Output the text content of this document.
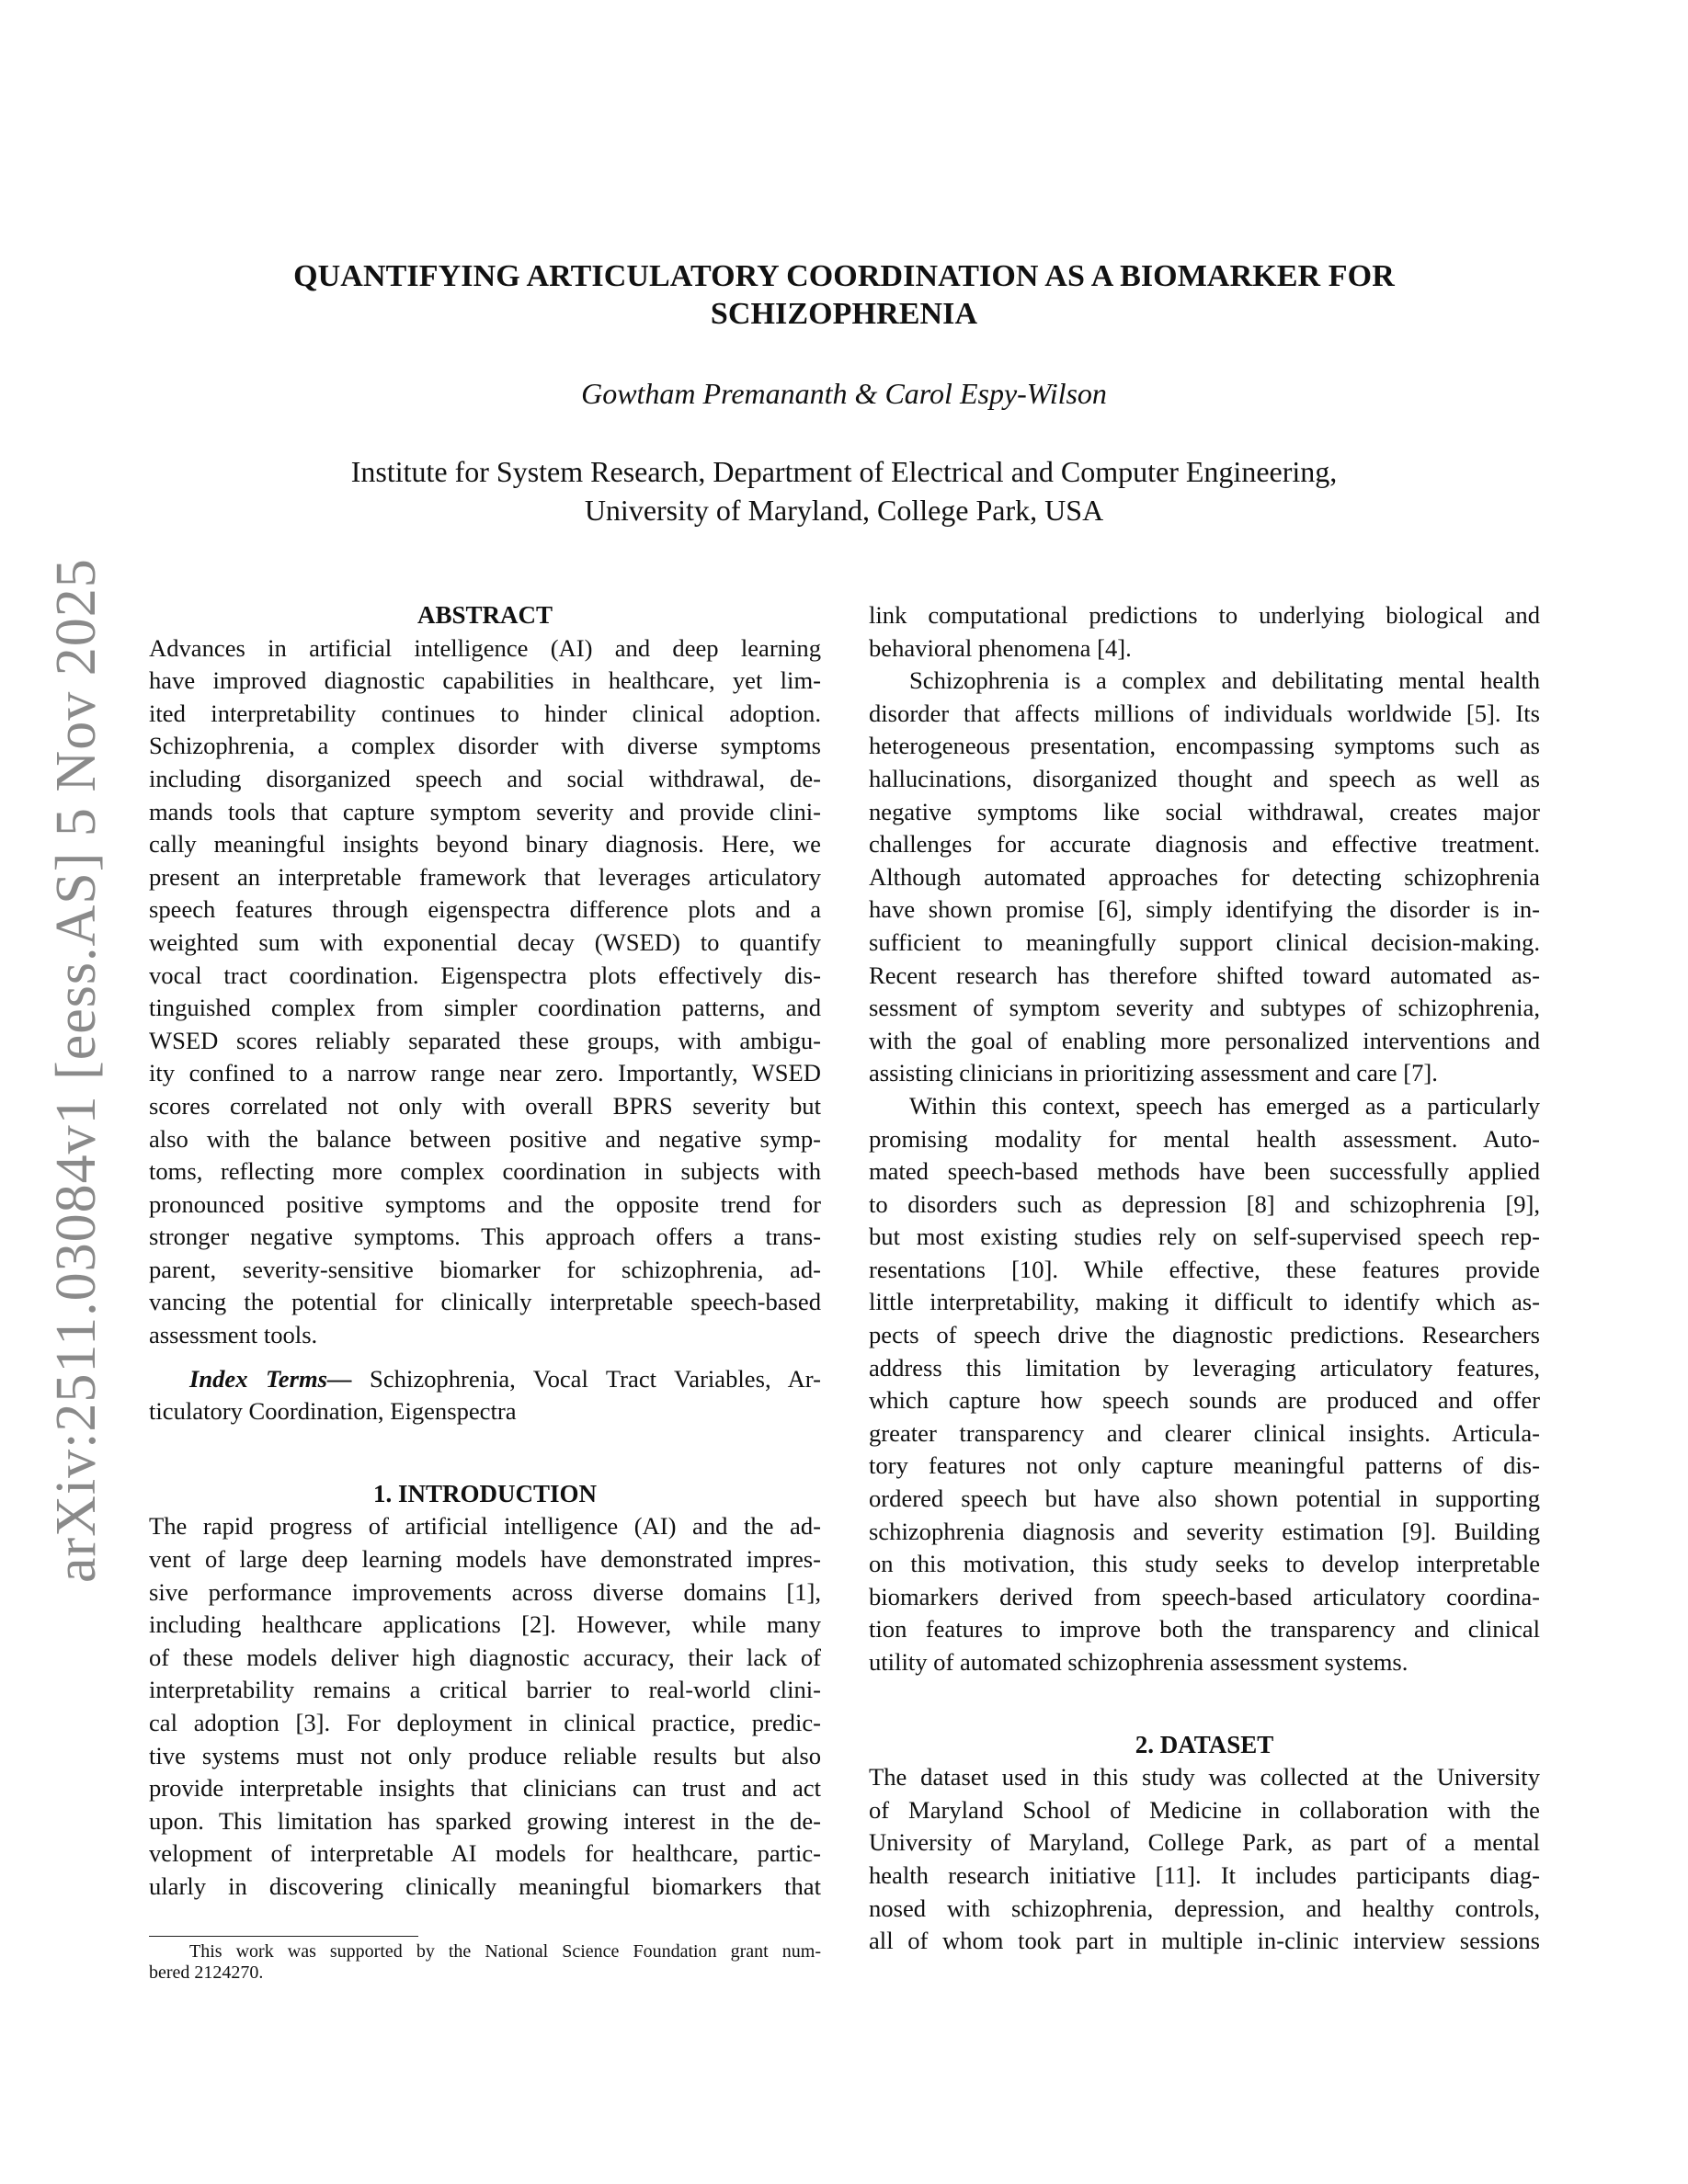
arXiv:2511.03084v1 [eess.AS] 5 Nov 2025
QUANTIFYING ARTICULATORY COORDINATION AS A BIOMARKER FOR
SCHIZOPHRENIA
Gowtham Premananth & Carol Espy-Wilson
Institute for System Research, Department of Electrical and Computer Engineering,
University of Maryland, College Park, USA
ABSTRACT
Advances in artificial intelligence (AI) and deep learning
have improved diagnostic capabilities in healthcare, yet lim-
ited interpretability continues to hinder clinical adoption.
Schizophrenia, a complex disorder with diverse symptoms
including disorganized speech and social withdrawal, de-
mands tools that capture symptom severity and provide clini-
cally meaningful insights beyond binary diagnosis. Here, we
present an interpretable framework that leverages articulatory
speech features through eigenspectra difference plots and a
weighted sum with exponential decay (WSED) to quantify
vocal tract coordination. Eigenspectra plots effectively dis-
tinguished complex from simpler coordination patterns, and
WSED scores reliably separated these groups, with ambigu-
ity confined to a narrow range near zero. Importantly, WSED
scores correlated not only with overall BPRS severity but
also with the balance between positive and negative symp-
toms, reflecting more complex coordination in subjects with
pronounced positive symptoms and the opposite trend for
stronger negative symptoms. This approach offers a trans-
parent, severity-sensitive biomarker for schizophrenia, ad-
vancing the potential for clinically interpretable speech-based
assessment tools.
Index Terms— Schizophrenia, Vocal Tract Variables, Ar-
ticulatory Coordination, Eigenspectra
1. INTRODUCTION
The rapid progress of artificial intelligence (AI) and the ad-
vent of large deep learning models have demonstrated impres-
sive performance improvements across diverse domains [1],
including healthcare applications [2]. However, while many
of these models deliver high diagnostic accuracy, their lack of
interpretability remains a critical barrier to real-world clini-
cal adoption [3]. For deployment in clinical practice, predic-
tive systems must not only produce reliable results but also
provide interpretable insights that clinicians can trust and act
upon. This limitation has sparked growing interest in the de-
velopment of interpretable AI models for healthcare, partic-
ularly in discovering clinically meaningful biomarkers that
This work was supported by the National Science Foundation grant num-
bered 2124270.
link computational predictions to underlying biological and
behavioral phenomena [4].
Schizophrenia is a complex and debilitating mental health
disorder that affects millions of individuals worldwide [5]. Its
heterogeneous presentation, encompassing symptoms such as
hallucinations, disorganized thought and speech as well as
negative symptoms like social withdrawal, creates major
challenges for accurate diagnosis and effective treatment.
Although automated approaches for detecting schizophrenia
have shown promise [6], simply identifying the disorder is in-
sufficient to meaningfully support clinical decision-making.
Recent research has therefore shifted toward automated as-
sessment of symptom severity and subtypes of schizophrenia,
with the goal of enabling more personalized interventions and
assisting clinicians in prioritizing assessment and care [7].
Within this context, speech has emerged as a particularly
promising modality for mental health assessment. Auto-
mated speech-based methods have been successfully applied
to disorders such as depression [8] and schizophrenia [9],
but most existing studies rely on self-supervised speech rep-
resentations [10]. While effective, these features provide
little interpretability, making it difficult to identify which as-
pects of speech drive the diagnostic predictions. Researchers
address this limitation by leveraging articulatory features,
which capture how speech sounds are produced and offer
greater transparency and clearer clinical insights. Articula-
tory features not only capture meaningful patterns of dis-
ordered speech but have also shown potential in supporting
schizophrenia diagnosis and severity estimation [9]. Building
on this motivation, this study seeks to develop interpretable
biomarkers derived from speech-based articulatory coordina-
tion features to improve both the transparency and clinical
utility of automated schizophrenia assessment systems.
2. DATASET
The dataset used in this study was collected at the University
of Maryland School of Medicine in collaboration with the
University of Maryland, College Park, as part of a mental
health research initiative [11]. It includes participants diag-
nosed with schizophrenia, depression, and healthy controls,
all of whom took part in multiple in-clinic interview sessions
